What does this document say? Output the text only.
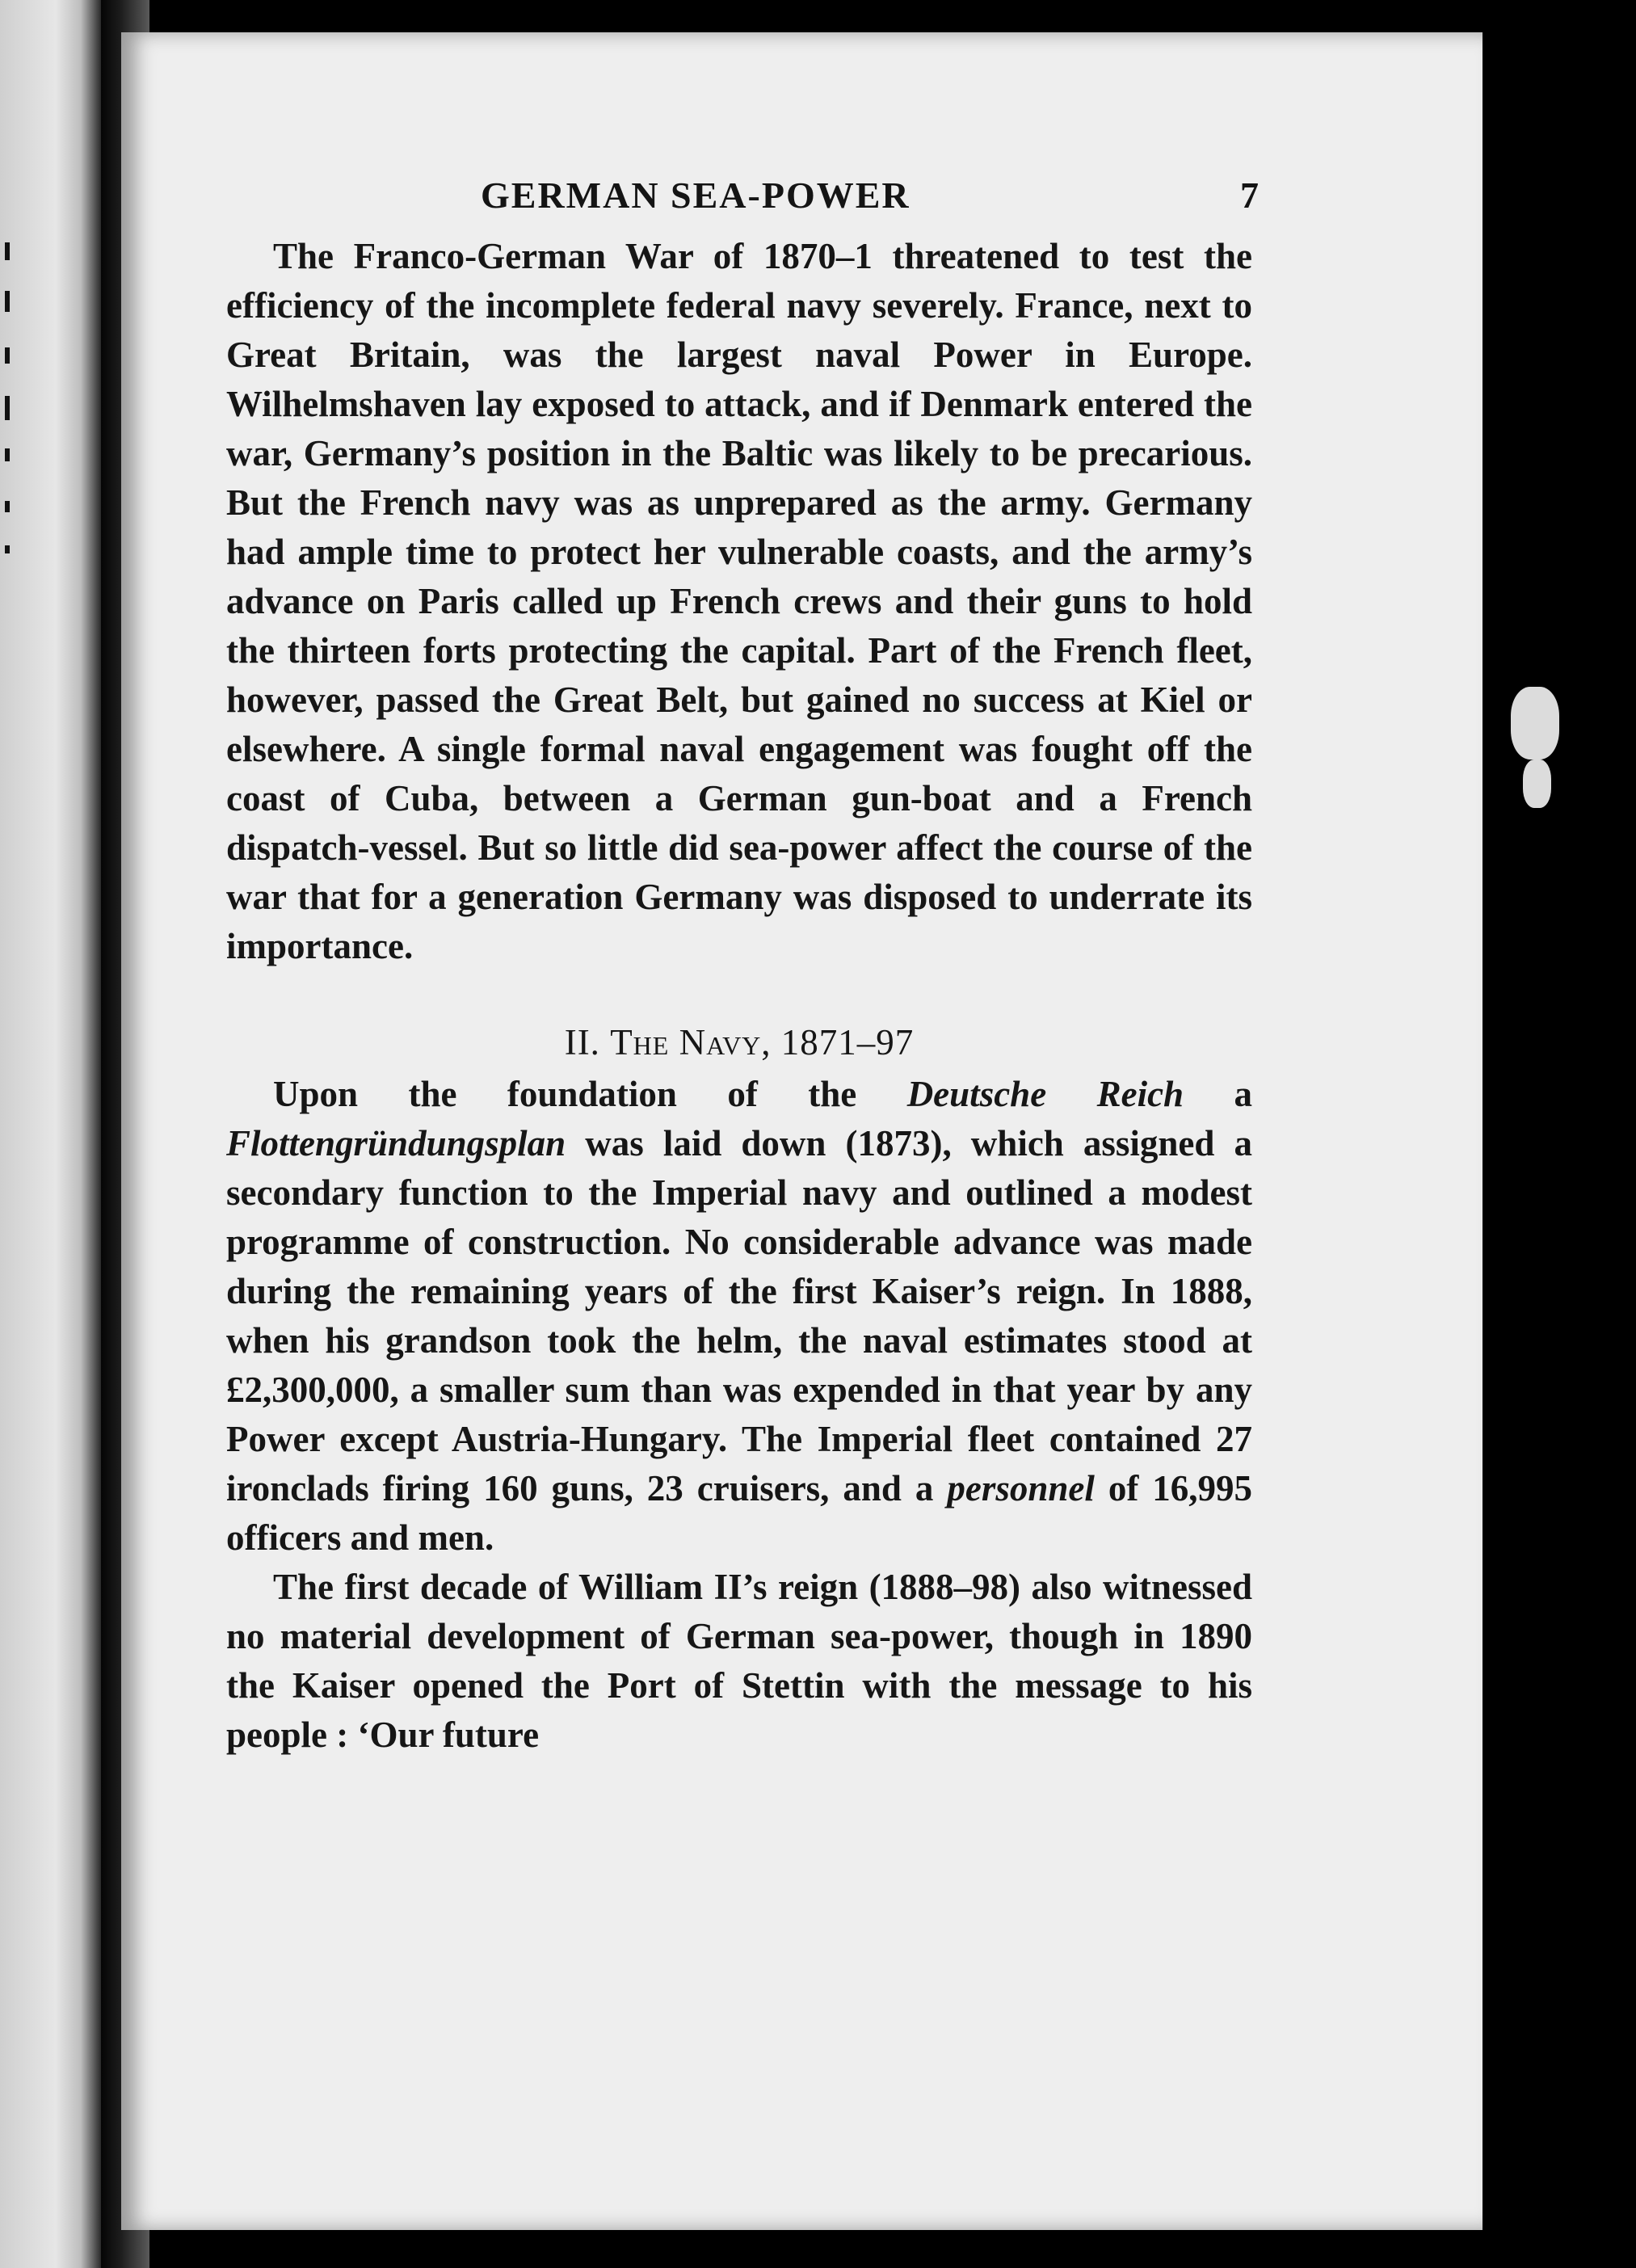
GERMAN SEA-POWER	7

The Franco-German War of 1870–1 threatened to test the efficiency of the incomplete federal navy severely. France, next to Great Britain, was the largest naval Power in Europe. Wilhelmshaven lay exposed to attack, and if Denmark entered the war, Germany’s position in the Baltic was likely to be precarious. But the French navy was as unprepared as the army. Germany had ample time to protect her vulnerable coasts, and the army’s advance on Paris called up French crews and their guns to hold the thirteen forts protecting the capital. Part of the French fleet, however, passed the Great Belt, but gained no success at Kiel or elsewhere. A single formal naval engagement was fought off the coast of Cuba, between a German gun-boat and a French dispatch-vessel. But so little did sea-power affect the course of the war that for a generation Germany was disposed to underrate its importance.

II. The Navy, 1871–97

Upon the foundation of the Deutsche Reich a Flottengründungsplan was laid down (1873), which assigned a secondary function to the Imperial navy and outlined a modest programme of construction. No considerable advance was made during the remaining years of the first Kaiser’s reign. In 1888, when his grandson took the helm, the naval estimates stood at £2,300,000, a smaller sum than was expended in that year by any Power except Austria-Hungary. The Imperial fleet contained 27 ironclads firing 160 guns, 23 cruisers, and a personnel of 16,995 officers and men.

The first decade of William II’s reign (1888–98) also witnessed no material development of German sea-power, though in 1890 the Kaiser opened the Port of Stettin with the message to his people : ‘Our future
